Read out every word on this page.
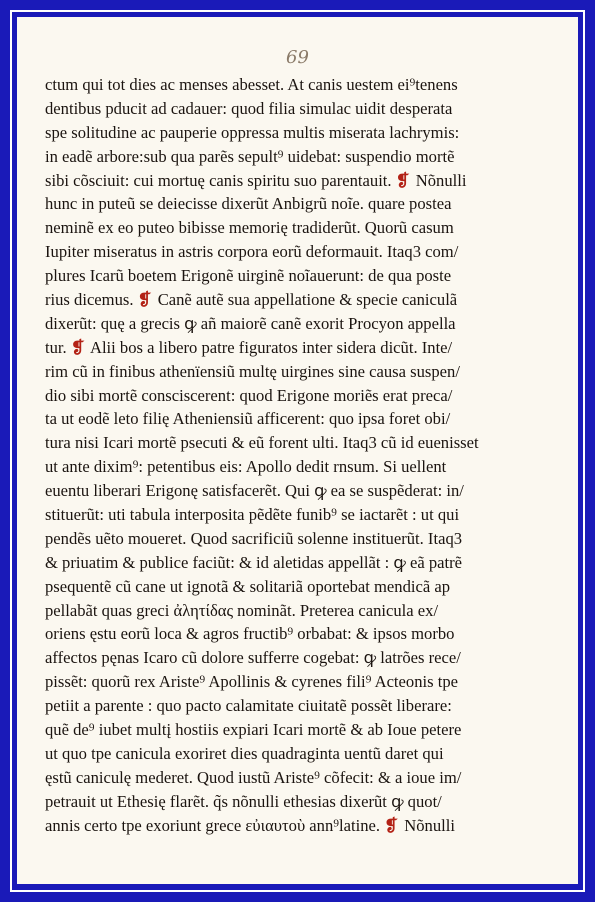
69
ctum qui tot dies ac menses abesset. At canis uestem ei⁹tenens
dentibus pducit ad cadauer: quod filia simulac uidit desperata
spe solitudine ac pauperie oppressa multis miserata lachrymis:
in eadẽ arbore:sub qua parẽs sepult⁹ uidebat: suspendio mortẽ
sibi cõsciuit: cui mortuę canis spiritu suo parentauit. ❡ Nõnulli
hunc in puteũ se deiecisse dixerũt Anbigrũ noĩe. quare postea
neminẽ ex eo puteo bibisse memorię tradiderũt. Quorũ casum
Iupiter miseratus in astris corpora eorũ deformauit. Itaq3 com/
plures Icarũ boetem Erigonẽ uirginẽ noĩauerunt: de qua poste
rius dicemus. ❡ Canẽ autẽ sua appellatione & specie caniculã
dixerũt: quę a grecis ꝙ añ maiorẽ canẽ exorit Procyon appella
tur. ❡ Alii bos a libero patre figuratos inter sidera dicũt. Inte/
rim cũ in finibus athenïensiũ multę uirgines sine causa suspen/
dio sibi mortẽ consciscerent: quod Erigone moriẽs erat preca/
ta ut eodẽ leto filię Atheniensiũ afficerent: quo ipsa foret obi/
tura nisi Icari mortẽ psecuti & eũ forent ulti. Itaq3 cũ id euenisset
ut ante dixim⁹: petentibus eis: Apollo dedit rnsum. Si uellent
euentu liberari Erigonę satisfacerẽt. Qui ꝙ ea se suspẽderat: in/
stituerũt: uti tabula interposita pẽdẽte funib⁹ se iactarẽt : ut qui
pendẽs uẽto moueret. Quod sacrificiũ solenne instituerũt. Itaq3
& priuatim & publice faciũt: & id aletidas appellãt : ꝙ eã patrẽ
psequentẽ cũ cane ut ignotã & solitariã oportebat mendicã ap
pellabãt quas greci ἀλητίδας nominãt. Preterea canicula ex/
oriens ęstu eorũ loca & agros fructib⁹ orbabat: & ipsos morbo
affectos pęnas Icaro cũ dolore sufferre cogebat: ꝙ latrões rece/
pissẽt: quorũ rex Ariste⁹ Apollinis & cyrenes fili⁹ Acteonis tpe
petiit a parente : quo pacto calamitate ciuitatẽ possẽt liberare:
quẽ de⁹ iubet multį hostiis expiari Icari mortẽ & ab Ioue petere
ut quo tpe canicula exoriret dies quadraginta uentũ daret qui
ęstũ caniculę mederet. Quod iustũ Ariste⁹ cõfecit: & a ioue im/
petrauit ut Ethesię flarẽt. q̃s nõnulli ethesias dixerũt ꝙ quot/
annis certo tpe exoriunt grece εὐιαυτοὺ ann⁹latine. ❡ Nõnulli
